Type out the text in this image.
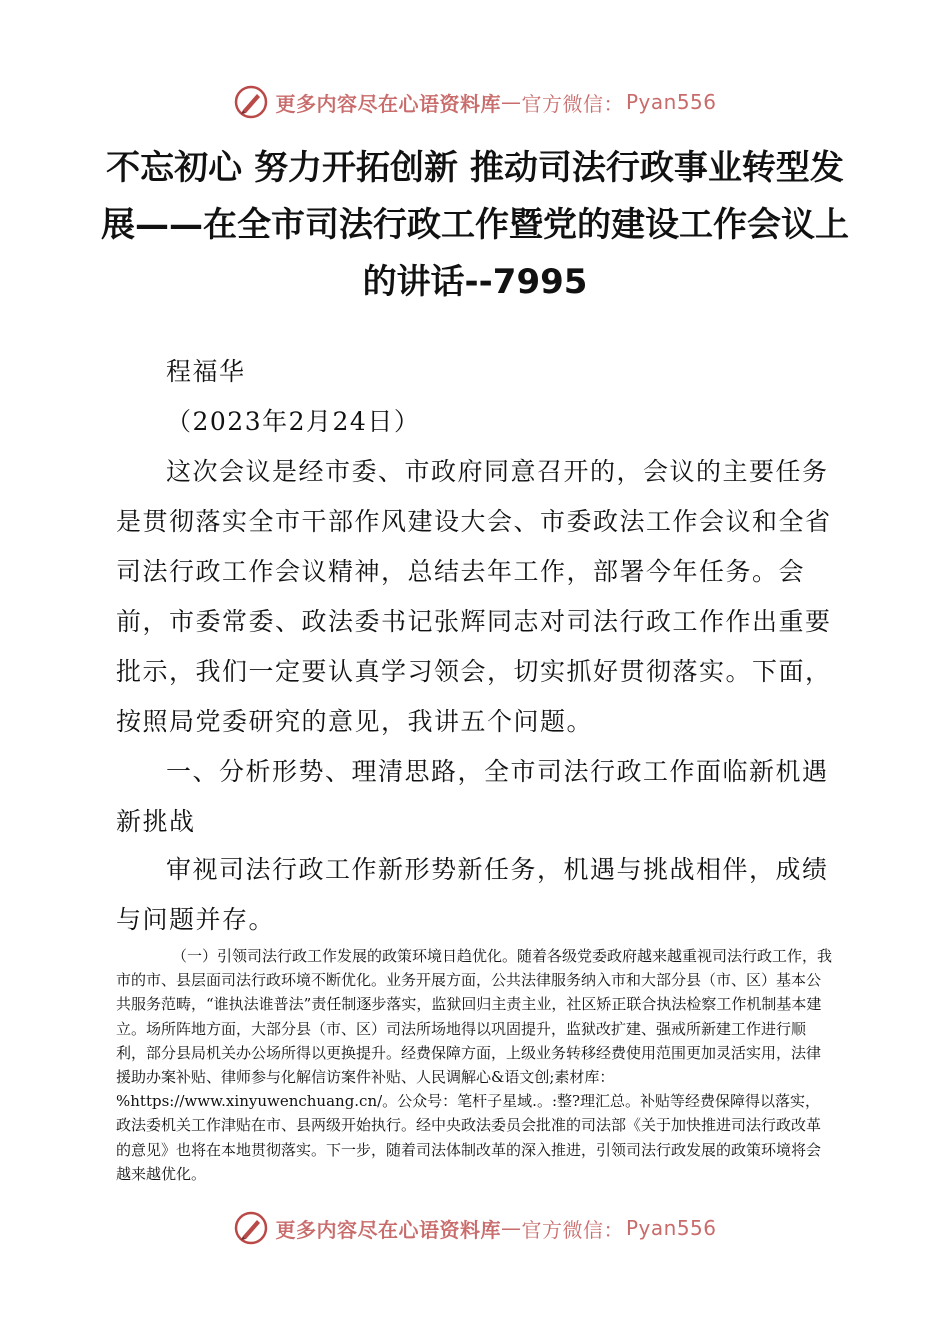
更多内容尽在心语资料库 — 官方微信： Pyan556
不忘初心 努力开拓创新 推动司法行政事业转型发展——在全市司法行政工作暨党的建设工作会议上的讲话--7995

程福华

（2023年2月24日）

这次会议是经市委、市政府同意召开的，会议的主要任务是贯彻落实全市干部作风建设大会、市委政法工作会议和全省司法行政工作会议精神，总结去年工作，部署今年任务。会前，市委常委、政法委书记张辉同志对司法行政工作作出重要批示，我们一定要认真学习领会，切实抓好贯彻落实。下面，按照局党委研究的意见，我讲五个问题。

一、分析形势、理清思路，全市司法行政工作面临新机遇新挑战

审视司法行政工作新形势新任务，机遇与挑战相伴，成绩与问题并存。

（一）引领司法行政工作发展的政策环境日趋优化。随着各级党委政府越来越重视司法行政工作，我市的市、县层面司法行政环境不断优化。业务开展方面，公共法律服务纳入市和大部分县（市、区）基本公共服务范畴，“谁执法谁普法”责任制逐步落实，监狱回归主责主业，社区矫正联合执法检察工作机制基本建立。场所阵地方面，大部分县（市、区）司法所场地得以巩固提升，监狱改扩建、强戒所新建工作进行顺利，部分县局机关办公场所得以更换提升。经费保障方面，上级业务转移经费使用范围更加灵活实用，法律援助办案补贴、律师参与化解信访案件补贴、人民调解心&语文创;素材库：%https://www.xinyuwenchuang.cn/。公众号：笔杆子星域.。:整?理汇总。补贴等经费保障得以落实，政法委机关工作津贴在市、县两级开始执行。经中央政法委员会批准的司法部《关于加快推进司法行政改革的意见》也将在本地贯彻落实。下一步，随着司法体制改革的深入推进，引领司法行政发展的政策环境将会越来越优化。

更多内容尽在心语资料库 — 官方微信： Pyan556
